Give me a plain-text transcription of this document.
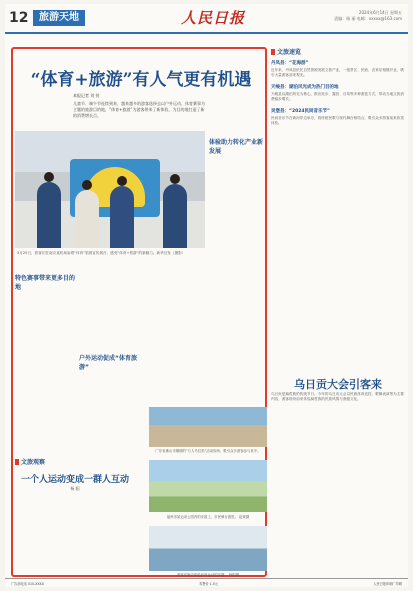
12	旅游天地	人民日报	2024年6月14日 星期五
责编：杨 丽 电邮：xxxxx@163.com
“体育+旅游”有人气更有机遇
本报记者 刘 钊
儿童节、端午节连续到来，越来越多的游客选择去以户外运动、体育赛事为主题的旅游目的地，“体育+旅游”为游客带来了新体验，为目的地打造了新的消费增长点。
5月25日，旅客们在南京某机场参观“体育”旅游宣传展台，感受“体育+旅游”的新魅力。新华社发（摄影）
体验助力转化产业新发展
特色赛事带来更多目的地
户外运动促成“体育旅游”
文旅观察
一个人运动变成一群人互动
杨 阳
广东省佛山市顺德的“万人马拉松”活动现场，吸引众多游客参与其中。
福州市某运动公园内的步道上，市民骑行游览。 赵爽摄
游客在海边体验冲浪运动的乐趣。 杨阳摄
文旅速览
丹凤县：“花海游”
近年来，丹凤县依托自然资源发展文旅产业，一批景区、民宿、农家乐相继开业，吸引大量游客前来观光。
天峻县：湖泊风光成为热门目的地
天峻县以湖泊风光为核心，推出徒步、露营、自驾等多种游览方式，带动当地文旅消费稳步增长。
吴堡县：“2024民间音乐节”
民间音乐节在黄河岸边举办，将传统民歌与现代舞台相结合，吸引众多游客前来欣赏体验。
乌日贡大会引客来
乌日贡是赫哲族的传统节日。今年的乌日贡大会以民族体育竞技、歌舞表演等为主要内容，游客纷纷前来体验赫哲族的民族风情与渔猎文化。
广告部电话 010-XXXX	零售价 1.5元	人民日报印刷厂印刷
